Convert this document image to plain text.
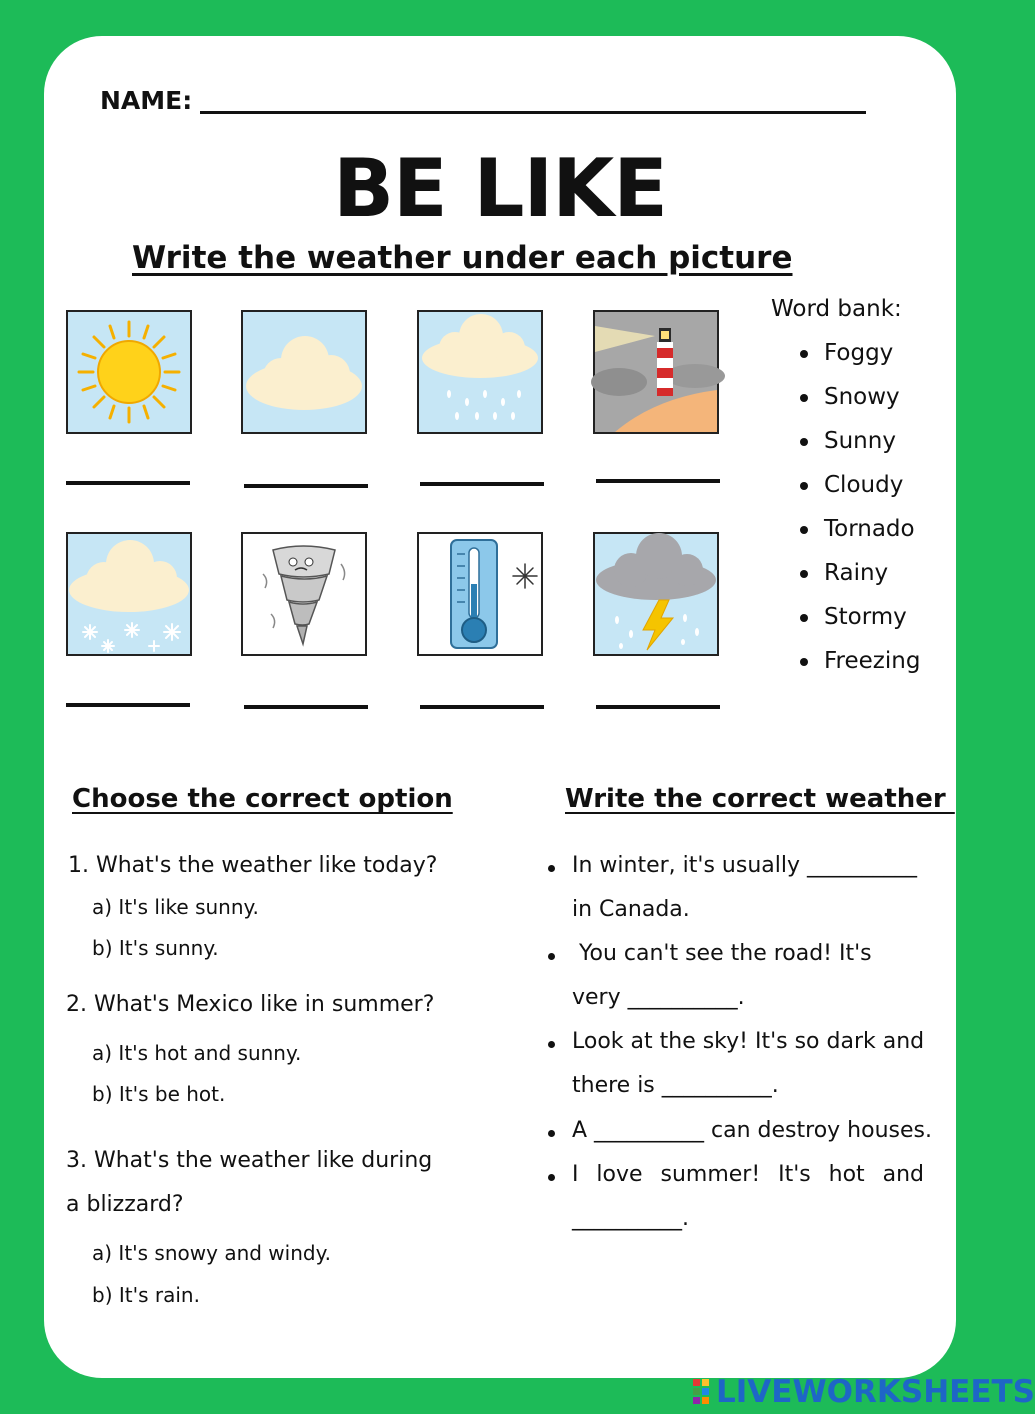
NAME:
BE LIKE
Write the weather under each picture
Word bank:
Foggy
Snowy
Sunny
Cloudy
Tornado
Rainy
Stormy
Freezing
Choose the correct option
1. What's the weather like today?
a) It's like sunny.
b) It's sunny.
2. What's Mexico like in summer?
a) It's hot and sunny.
b) It's be hot.
3. What's the weather like during
a blizzard?
a) It's snowy and windy.
b) It's rain.
Write the correct weather
In winter, it's usually __________
in Canada.
You can't see the road! It's
very __________.
Look at the sky! It's so dark and
there is __________.
A __________ can destroy houses.
I love summer! It's hot and
__________.
LIVEWORKSHEETS
